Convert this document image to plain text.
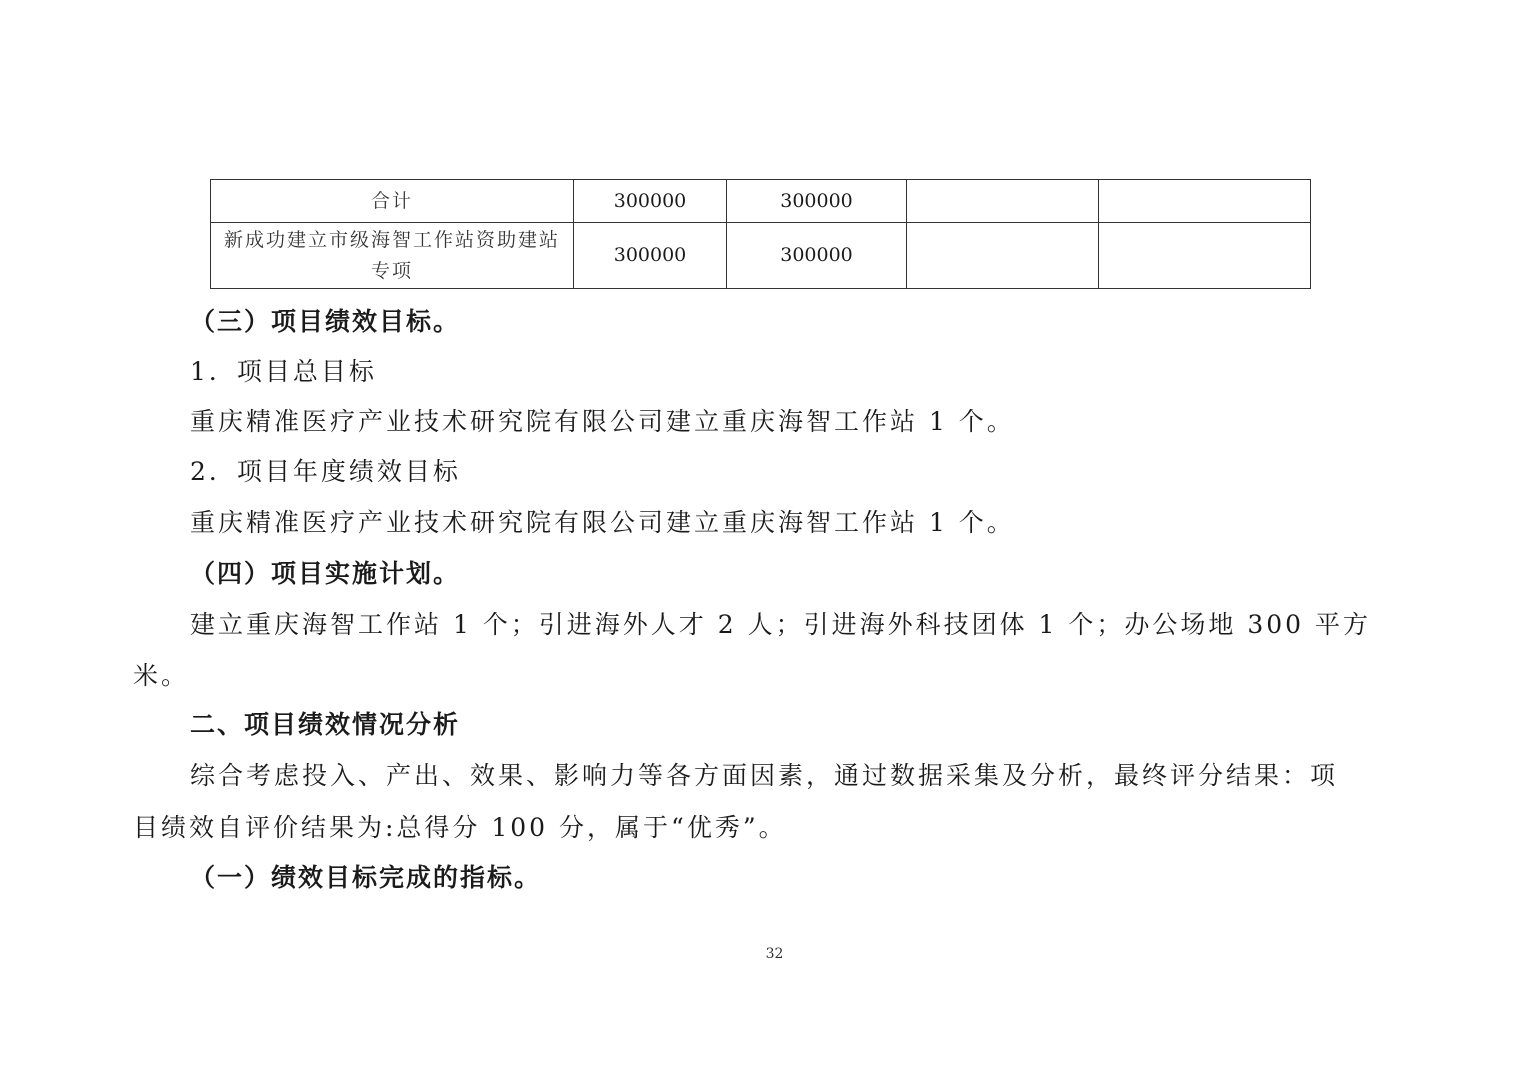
合计	300000	300000		
新成功建立市级海智工作站资助建站专项	300000	300000		
（三）项目绩效目标。
1．项目总目标
重庆精准医疗产业技术研究院有限公司建立重庆海智工作站 1 个。
2．项目年度绩效目标
重庆精准医疗产业技术研究院有限公司建立重庆海智工作站 1 个。
（四）项目实施计划。
建立重庆海智工作站 1 个；引进海外人才 2 人；引进海外科技团体 1 个；办公场地 300 平方
米。
二、项目绩效情况分析
综合考虑投入、产出、效果、影响力等各方面因素，通过数据采集及分析，最终评分结果：项
目绩效自评价结果为:总得分 100 分，属于“优秀”。
（一）绩效目标完成的指标。
32
